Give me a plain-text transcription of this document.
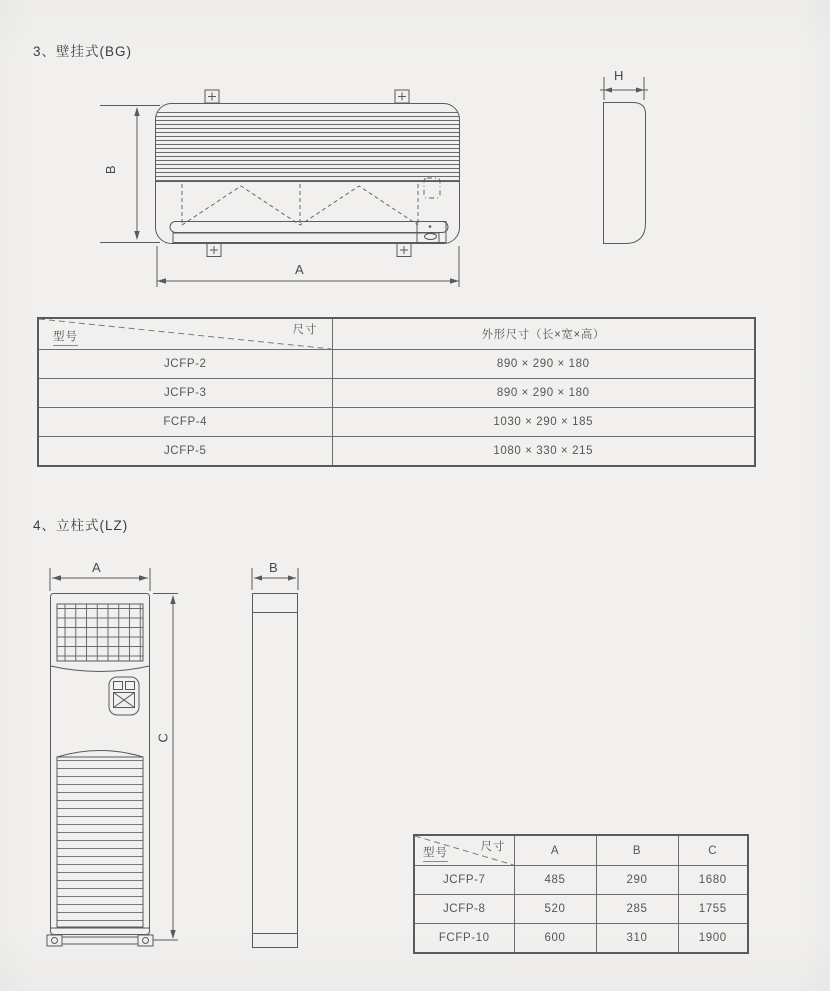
3、壁挂式(BG)
4、立柱式(LZ)
B
A
H
A	B
C
尺寸
型号	外形尺寸（长×宽×高）
JCFP-2	890 × 290 × 180
JCFP-3	890 × 290 × 180
FCFP-4	1030 × 290 × 185
JCFP-5	1080 × 330 × 215
尺寸
型号	A	B	C
JCFP-7	485	290	1680
JCFP-8	520	285	1755
FCFP-10	600	310	1900
